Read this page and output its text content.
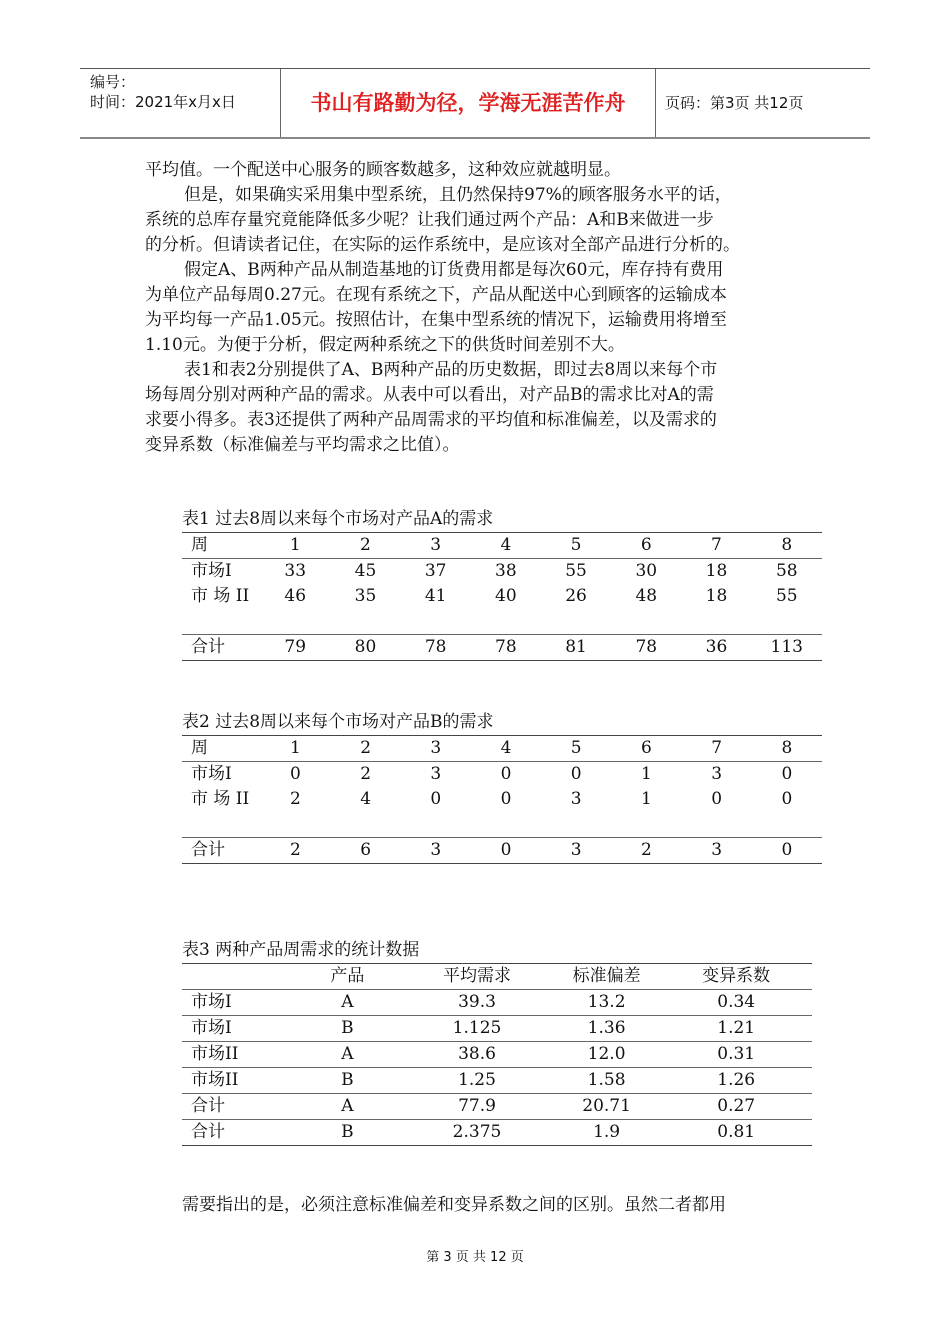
编号：
时间：2021年x月x日	书山有路勤为径，学海无涯苦作舟	页码：第3页 共12页
平均值。一个配送中心服务的顾客数越多，这种效应就越明显。
但是，如果确实采用集中型系统，且仍然保持97%的顾客服务水平的话，
系统的总库存量究竟能降低多少呢？让我们通过两个产品：A和B来做进一步
的分析。但请读者记住，在实际的运作系统中，是应该对全部产品进行分析的。
假定A、B两种产品从制造基地的订货费用都是每次60元，库存持有费用
为单位产品每周0.27元。在现有系统之下，产品从配送中心到顾客的运输成本
为平均每一产品1.05元。按照估计，在集中型系统的情况下，运输费用将增至
1.10元。为便于分析，假定两种系统之下的供货时间差别不大。
表1和表2分别提供了A、B两种产品的历史数据，即过去8周以来每个市
场每周分别对两种产品的需求。从表中可以看出，对产品B的需求比对A的需
求要小得多。表3还提供了两种产品周需求的平均值和标准偏差，以及需求的
变异系数（标准偏差与平均需求之比值）。
表1 过去8周以来每个市场对产品A的需求
周	1	2	3	4	5	6	7	8
市场I	33	45	37	38	55	30	18	58
市 场 II	46	35	41	40	26	48	18	55
合计	79	80	78	78	81	78	36	113
表2 过去8周以来每个市场对产品B的需求
周	1	2	3	4	5	6	7	8
市场I	0	2	3	0	0	1	3	0
市 场 II	2	4	0	0	3	1	0	0
合计	2	6	3	0	3	2	3	0
表3 两种产品周需求的统计数据
	产品	平均需求	标准偏差	变异系数
市场I	A	39.3	13.2	0.34
市场I	B	1.125	1.36	1.21
市场II	A	38.6	12.0	0.31
市场II	B	1.25	1.58	1.26
合计	A	77.9	20.71	0.27
合计	B	2.375	1.9	0.81
需要指出的是，必须注意标准偏差和变异系数之间的区别。虽然二者都用
第 3 页 共 12 页
